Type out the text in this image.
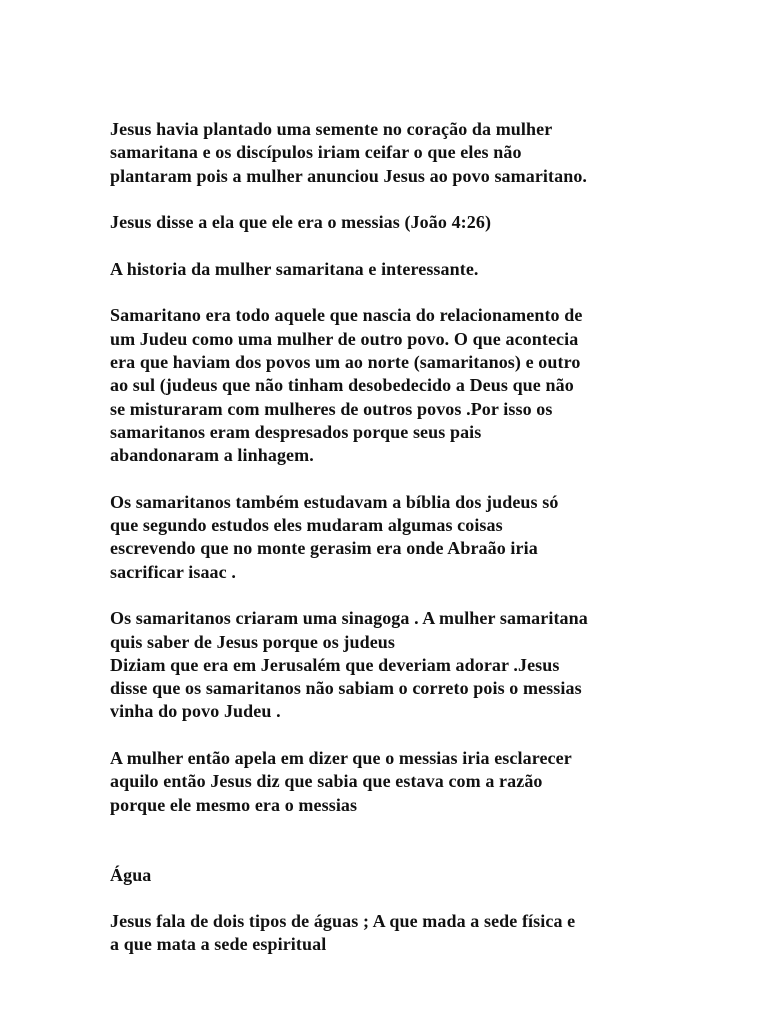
Jesus havia plantado uma semente no coração da mulher
samaritana e os discípulos iriam ceifar o que eles não
plantaram pois a mulher anunciou Jesus ao povo samaritano.
Jesus disse a ela que ele era o messias (João 4:26)
A historia da mulher samaritana e interessante.
Samaritano era todo aquele que nascia do relacionamento de
um Judeu como uma mulher de outro povo. O que acontecia
era que haviam dos povos um ao norte (samaritanos) e outro
ao sul (judeus que não tinham desobedecido a Deus que não
se misturaram com mulheres de outros povos .Por isso os
samaritanos eram despresados porque seus pais
abandonaram a linhagem.
Os samaritanos também estudavam a bíblia dos judeus só
que segundo estudos eles mudaram algumas coisas
escrevendo que no monte gerasim era onde Abraão iria
sacrificar isaac .
Os samaritanos criaram uma sinagoga . A mulher samaritana
quis saber de Jesus porque os judeus
Diziam que era em Jerusalém que deveriam adorar .Jesus
disse que os samaritanos não sabiam o correto pois o messias
vinha do povo Judeu .
A mulher então apela em dizer que o messias iria esclarecer
aquilo então Jesus diz que sabia que estava com a razão
porque ele mesmo era o messias
Água
Jesus fala de dois tipos de águas ; A que mada a sede física e
a que mata a sede espiritual
